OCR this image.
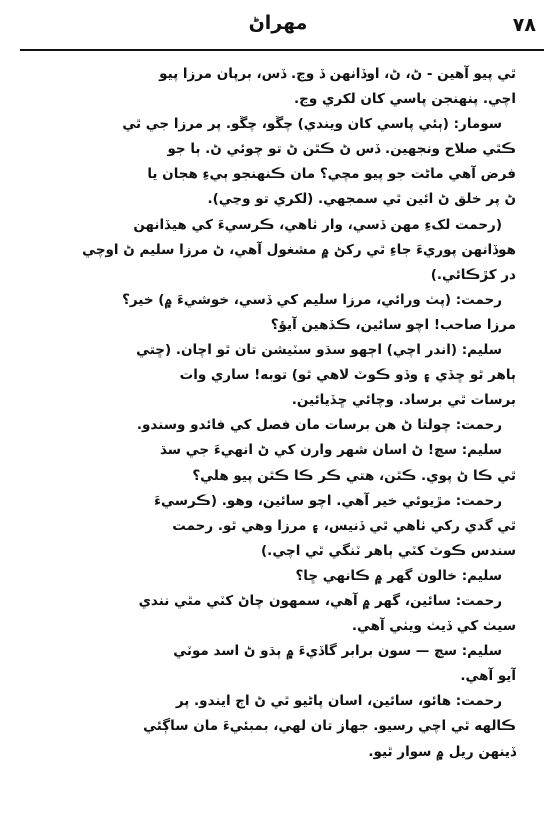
مهراڻ	۷۸
ٿي پيو آهين - ڻ، ڻ، اوڏانهن ڏ وڃ. ڏس، برپان مرزا پيو
اچي. پنهنجن پاسي کان لکري وڃ.
سومار: (ٻئي پاسي کان ويندي) چڱو، چڱو. پر مرزا جي ٿي
ڪٿي صلاح ونجهين. ڏس ڻ ڪٿن ڻ تو چوئي ڻ. ٻا جو
فرض آهي ماڻت جو پيو مچي؟ مان ڪنهنجو ٻيءِ هجان يا
ڻ پر خلق ڻ ائين ٿي سمجهي. (لکري تو وڃي).
(رحمت لکءِ مهن ڏسي، وار ٺاهي، ڪرسيءَ کي هيڏانهن
هوڏانهن پوريءَ جاءِ ٿي رکڻ ۾ مشغول آهي، ڻ مرزا سليم ڻ اوچي
در کڙڪائي.)
رحمت: (پٺ ورائي، مرزا سليم کي ڏسي، خوشيءَ ۾) خير؟
مرزا صاحب! اچو سائين، ڪڏهين آيؤ؟
سليم: (اندر اچي) اڄهو سڌو سٽيشن تان ٿو اچان. (ڇتي
ٻاهر ٿو ڇڏي ۽ وڏو ڪوٽ لاهي ٿو) توبه! ساري وات
برسات ٿي برساد. وچائي ڇڏيائين.
رحمت: چولتا ڻ هن برسات مان فصل کي فائدو وسندو.
سليم: سچ! ڻ اسان شهر وارن کي ڻ انهيءَ جي سڌ
ٿي ڪا ڻ پوي. ڪٿن، هتي ڪر ڪا ڪٿن پيو هلي؟
رحمت: مڙيوئي خير آهي. اچو سائين، وهو. (ڪرسيءَ
ٿي گدي رکي ٺاهي ٿي ڏنيس، ۽ مرزا وهي ٿو. رحمت
سندس ڪوٽ کٽي ٻاهر ٽنگي ٿي اچي.)
سليم: خالون گهر ۾ ڪانهي ڇا؟
رحمت: سائين، گهر ۾ آهي، سمهون چاڻ کٽي مٿي نندي
سيٺ کي ڏيٺ ويٺي آهي.
سليم: سچ — سون برابر گاڏيءَ ۾ ٻڌو ڻ اسد موٽي
آيو آهي.
رحمت: هائو، سائين، اسان پاڻيو ٿي ڻ اڄ ايندو. پر
ڪالهه ٿي اچي رسيو. جهاز تان لهي، بمبئيءَ مان ساڳئي
ڏينهن ريل ۾ سوار ٿيو.
